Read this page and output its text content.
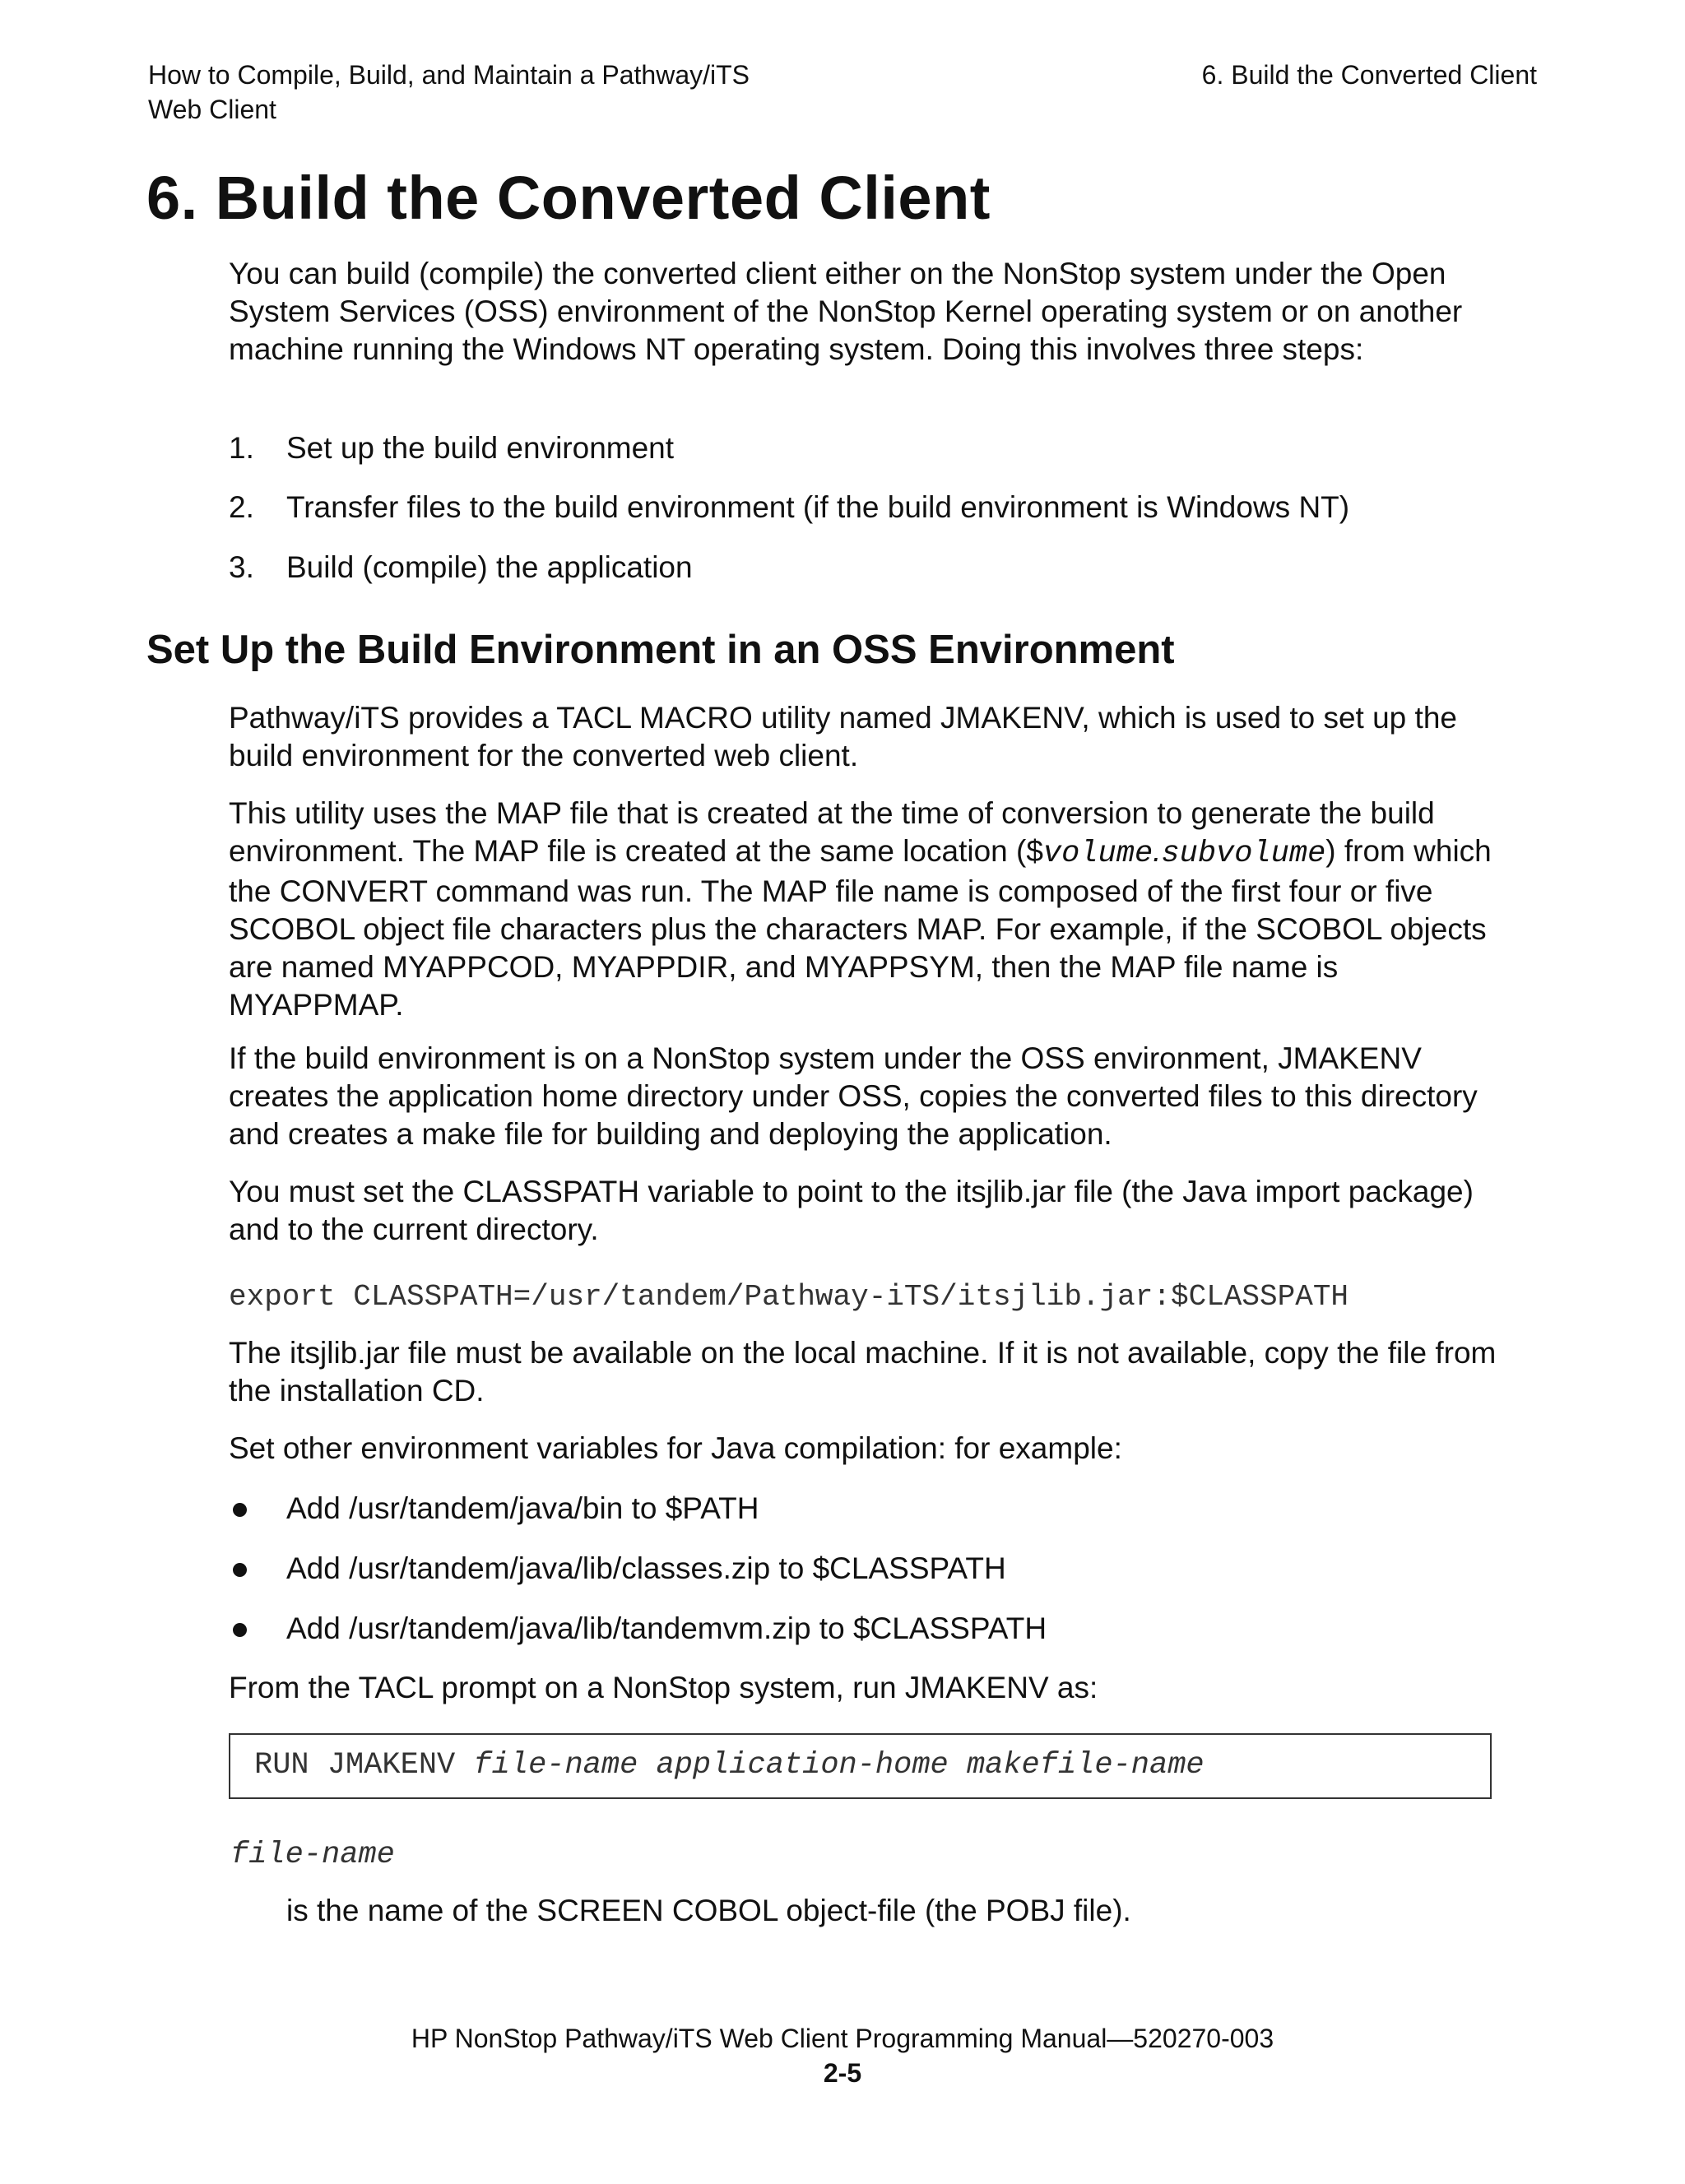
How to Compile, Build, and Maintain a Pathway/iTS
Web Client
6. Build the Converted Client
6. Build the Converted Client

You can build (compile) the converted client either on the NonStop system under the Open System Services (OSS) environment of the NonStop Kernel operating system or on another machine running the Windows NT operating system. Doing this involves three steps:

1. Set up the build environment
2. Transfer files to the build environment (if the build environment is Windows NT)
3. Build (compile) the application
Set Up the Build Environment in an OSS Environment

Pathway/iTS provides a TACL MACRO utility named JMAKENV, which is used to set up the build environment for the converted web client.

This utility uses the MAP file that is created at the time of conversion to generate the build environment. The MAP file is created at the same location ($volume.subvolume) from which the CONVERT command was run. The MAP file name is composed of the first four or five SCOBOL object file characters plus the characters MAP. For example, if the SCOBOL objects are named MYAPPCOD, MYAPPDIR, and MYAPPSYM, then the MAP file name is MYAPPMAP.

If the build environment is on a NonStop system under the OSS environment, JMAKENV creates the application home directory under OSS, copies the converted files to this directory and creates a make file for building and deploying the application.

You must set the CLASSPATH variable to point to the itsjlib.jar file (the Java import package) and to the current directory.

export CLASSPATH=/usr/tandem/Pathway-iTS/itsjlib.jar:$CLASSPATH

The itsjlib.jar file must be available on the local machine. If it is not available, copy the file from the installation CD.

Set other environment variables for Java compilation: for example:

Add /usr/tandem/java/bin to $PATH
Add /usr/tandem/java/lib/classes.zip to $CLASSPATH
Add /usr/tandem/java/lib/tandemvm.zip to $CLASSPATH

From the TACL prompt on a NonStop system, run JMAKENV as:

RUN JMAKENV file-name application-home makefile-name
file-name
is the name of the SCREEN COBOL object-file (the POBJ file).
HP NonStop Pathway/iTS Web Client Programming Manual—520270-003
2-5
